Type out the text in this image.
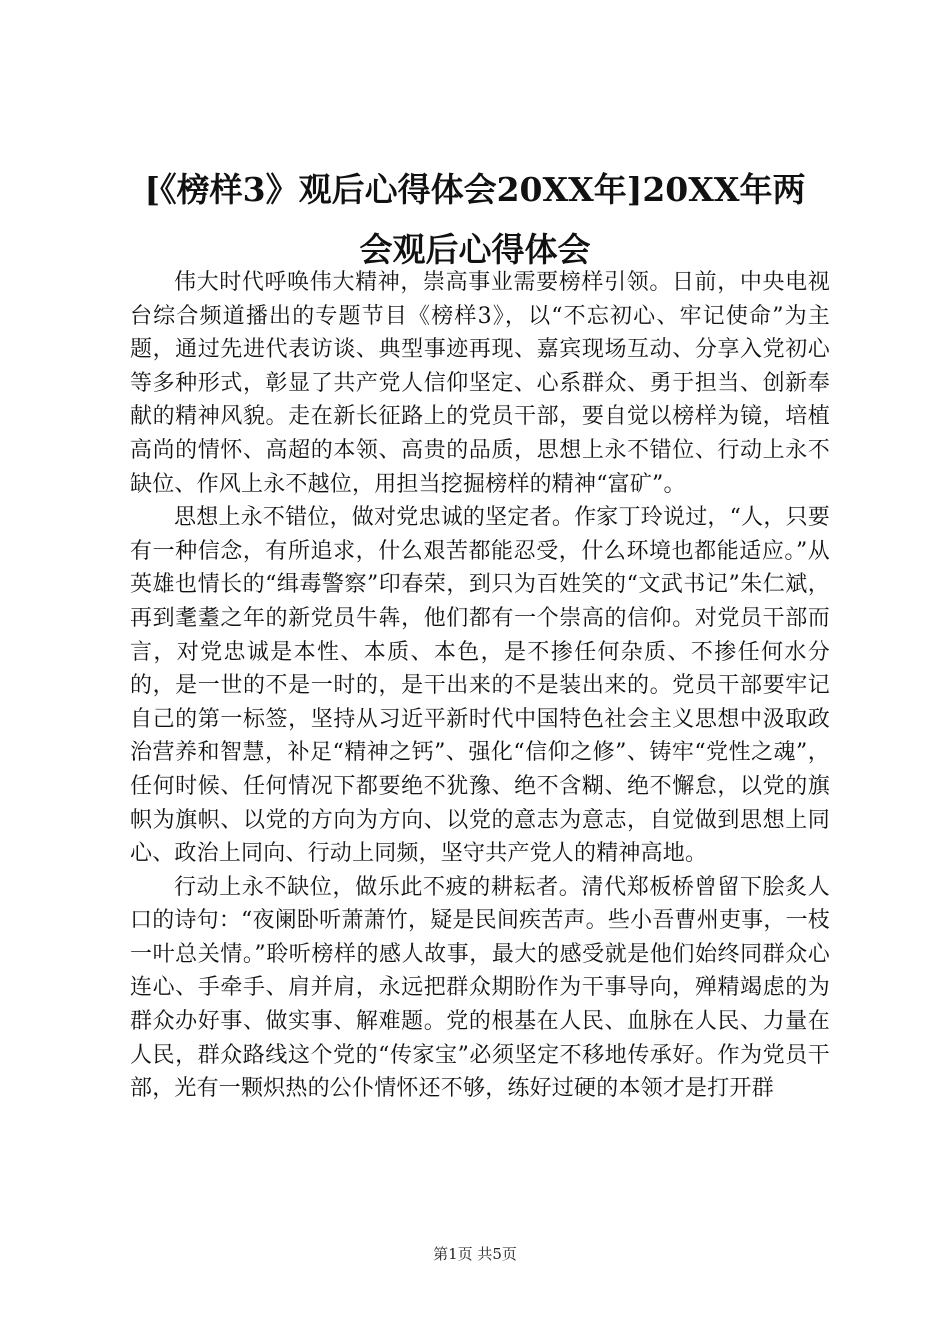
[《榜样3》观后心得体会20XX年]20XX年两
会观后心得体会

伟大时代呼唤伟大精神，崇高事业需要榜样引领。日前，中央电视台综合频道播出的专题节目《榜样3》，以“不忘初心、牢记使命”为主题，通过先进代表访谈、典型事迹再现、嘉宾现场互动、分享入党初心等多种形式，彰显了共产党人信仰坚定、心系群众、勇于担当、创新奉献的精神风貌。走在新长征路上的党员干部，要自觉以榜样为镜，培植高尚的情怀、高超的本领、高贵的品质，思想上永不错位、行动上永不缺位、作风上永不越位，用担当挖掘榜样的精神“富矿”。

思想上永不错位，做对党忠诚的坚定者。作家丁玲说过，“人，只要有一种信念，有所追求，什么艰苦都能忍受，什么环境也都能适应。”从英雄也情长的“缉毒警察”印春荣，到只为百姓笑的“文武书记”朱仁斌，再到耄耋之年的新党员牛犇，他们都有一个崇高的信仰。对党员干部而言，对党忠诚是本性、本质、本色，是不掺任何杂质、不掺任何水分的，是一世的不是一时的，是干出来的不是装出来的。党员干部要牢记自己的第一标签，坚持从习近平新时代中国特色社会主义思想中汲取政治营养和智慧，补足“精神之钙”、强化“信仰之修”、铸牢“党性之魂”，任何时候、任何情况下都要绝不犹豫、绝不含糊、绝不懈怠，以党的旗帜为旗帜、以党的方向为方向、以党的意志为意志，自觉做到思想上同心、政治上同向、行动上同频，坚守共产党人的精神高地。

行动上永不缺位，做乐此不疲的耕耘者。清代郑板桥曾留下脍炙人口的诗句：“夜阑卧听萧萧竹，疑是民间疾苦声。些小吾曹州吏事，一枝一叶总关情。”聆听榜样的感人故事，最大的感受就是他们始终同群众心连心、手牵手、肩并肩，永远把群众期盼作为干事导向，殚精竭虑的为群众办好事、做实事、解难题。党的根基在人民、血脉在人民、力量在人民，群众路线这个党的“传家宝”必须坚定不移地传承好。作为党员干部，光有一颗炽热的公仆情怀还不够，练好过硬的本领才是打开群

第1页 共5页
